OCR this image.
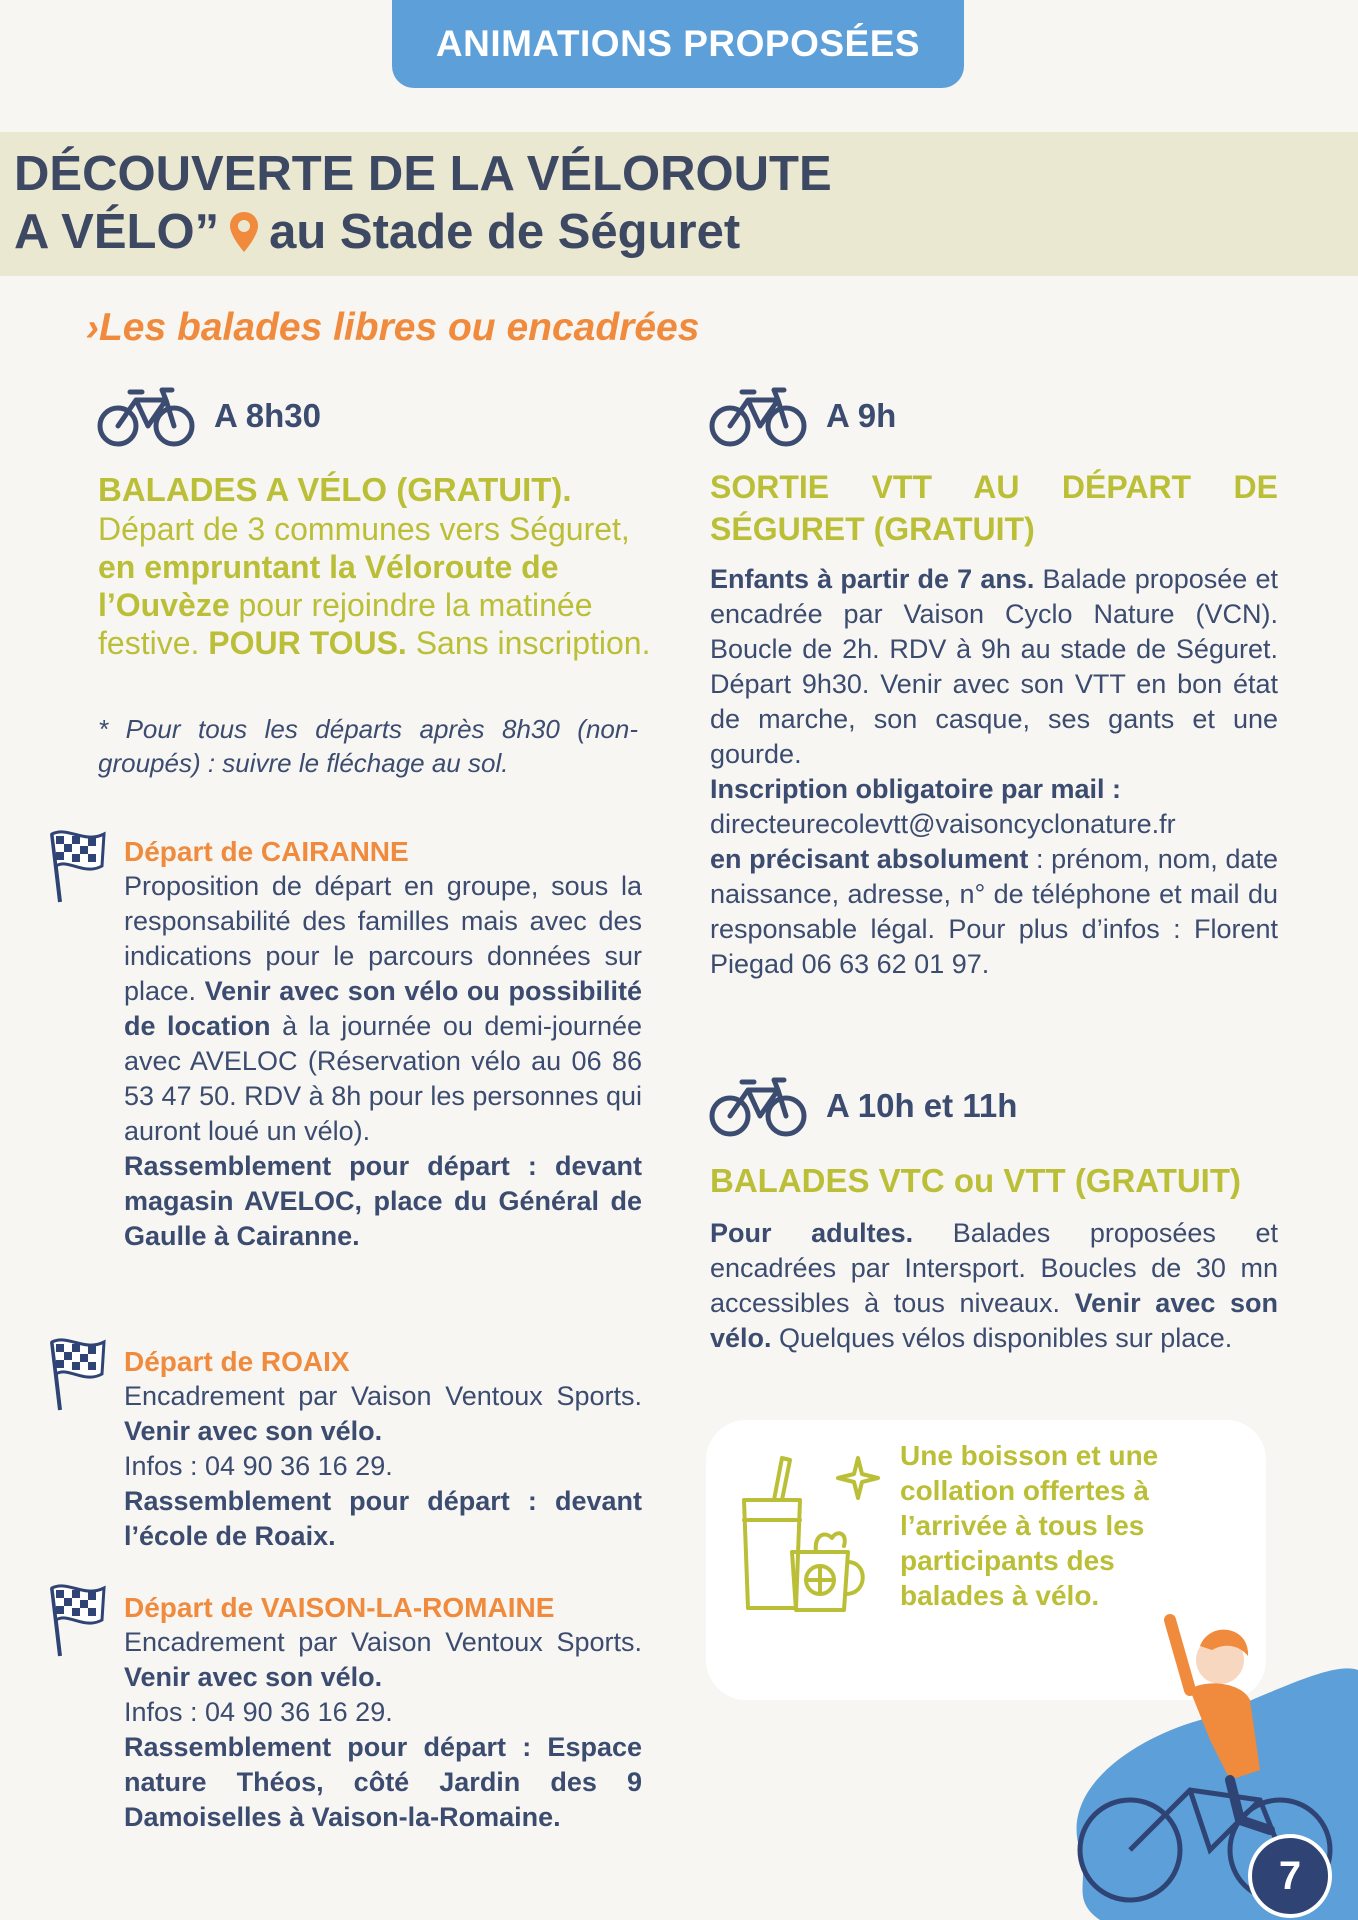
ANIMATIONS PROPOSÉES
DÉCOUVERTE DE LA VÉLOROUTE
A VÉLO” au Stade de Séguret
›Les balades libres ou encadrées
A 8h30
BALADES A VÉLO (GRATUIT).
Départ de 3 communes vers Séguret, en empruntant la Véloroute de l’Ouvèze pour rejoindre la matinée festive. POUR TOUS. Sans inscription.
* Pour tous les départs après 8h30 (non-groupés) : suivre le fléchage au sol.
Départ de CAIRANNE
Proposition de départ en groupe, sous la responsabilité des familles mais avec des indications pour le parcours données sur place. Venir avec son vélo ou possibilité de location à la journée ou demi-journée avec AVELOC (Réservation vélo au 06 86 53 47 50. RDV à 8h pour les personnes qui auront loué un vélo).
Rassemblement pour départ : devant magasin AVELOC, place du Général de Gaulle à Cairanne.
Départ de ROAIX
Encadrement par Vaison Ventoux Sports. Venir avec son vélo.
Infos : 04 90 36 16 29.
Rassemblement pour départ : devant l’école de Roaix.
Départ de VAISON-LA-ROMAINE
Encadrement par Vaison Ventoux Sports. Venir avec son vélo.
Infos : 04 90 36 16 29.
Rassemblement pour départ : Espace nature Théos, côté Jardin des 9 Damoiselles à Vaison-la-Romaine.
A 9h
SORTIE VTT AU DÉPART DE SÉGURET (GRATUIT)
Enfants à partir de 7 ans. Balade proposée et encadrée par Vaison Cyclo Nature (VCN). Boucle de 2h. RDV à 9h au stade de Séguret. Départ 9h30. Venir avec son VTT en bon état de marche, son casque, ses gants et une gourde.
Inscription obligatoire par mail :
directeurecolevtt@vaisoncyclonature.fr
en précisant absolument : prénom, nom, date naissance, adresse, n° de téléphone et mail du responsable légal. Pour plus d’infos : Florent Piegad 06 63 62 01 97.
A 10h et 11h
BALADES VTC ou VTT (GRATUIT)
Pour adultes. Balades proposées et encadrées par Intersport. Boucles de 30 mn accessibles à tous niveaux. Venir avec son vélo. Quelques vélos disponibles sur place.
Une boisson et une collation offertes à l’arrivée à tous les participants des balades à vélo.
7
